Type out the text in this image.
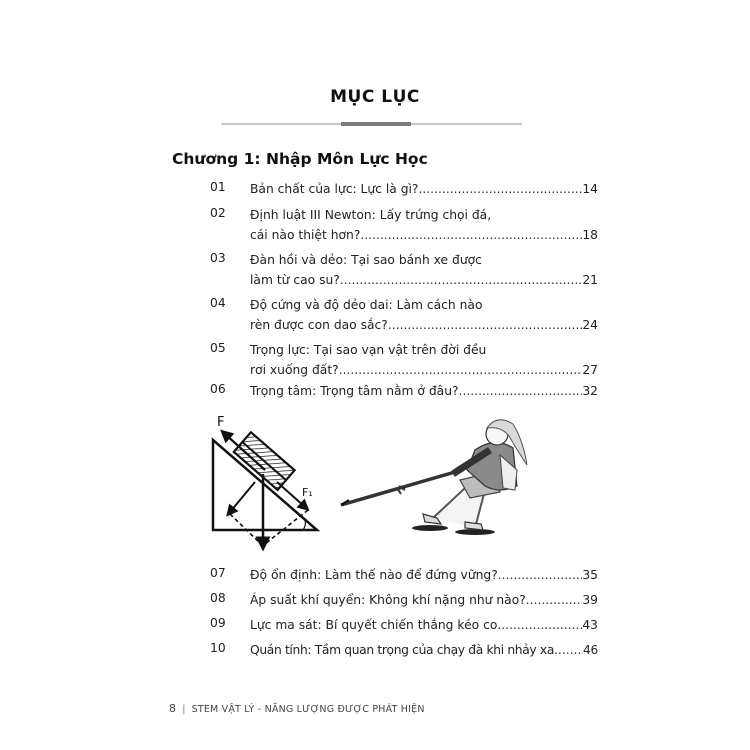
MỤC LỤC
Chương 1: Nhập Môn Lực Học
01	Bản chất của lực: Lực là gì? .....	14
02	Định luật III Newton: Lấy trứng chọi đá,
cái nào thiệt hơn? .....	18
03	Đàn hồi và dẻo: Tại sao bánh xe được
làm từ cao su? .....	21
04	Độ cứng và độ dẻo dai: Làm cách nào
rèn được con dao sắc? .....	24
05	Trọng lực: Tại sao vạn vật trên đời đều
rơi xuống đất? .....	27
06	Trọng tâm: Trọng tâm nằm ở đâu? .....	32
07	Độ ổn định: Làm thế nào để đứng vững? .....	35
08	Áp suất khí quyển: Không khí nặng như nào? .....	39
09	Lực ma sát: Bí quyết chiến thắng kéo co .....	43
10	Quán tính: Tầm quan trọng của chạy đà khi nhảy xa ..... 46
F
F₁
8 | STEM VẬT LÝ - NĂNG LƯỢNG ĐƯỢC PHÁT HIỆN
